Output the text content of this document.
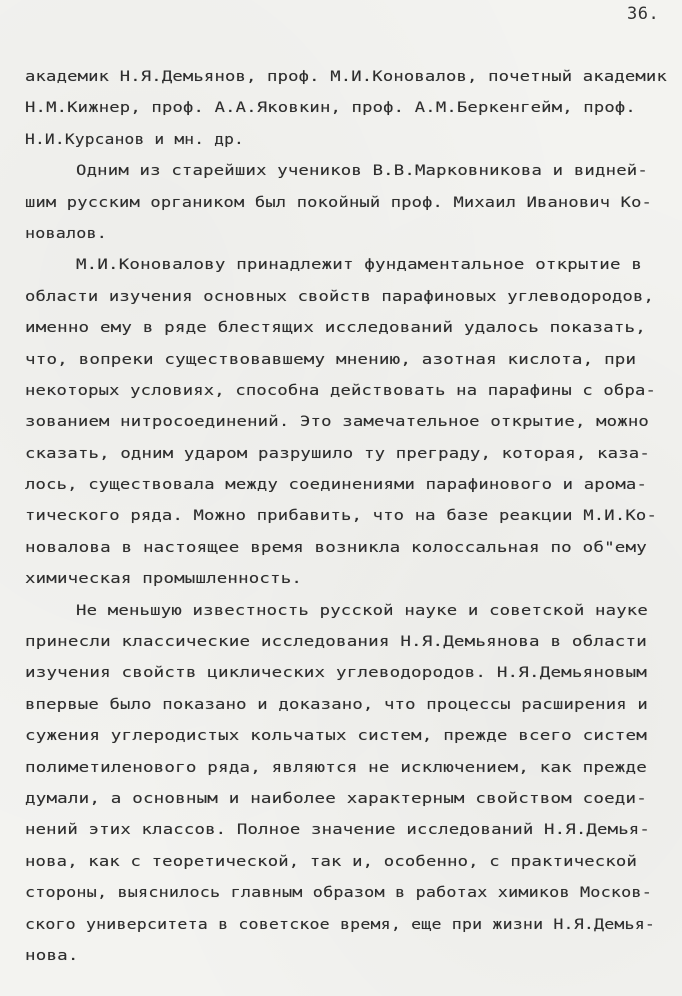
36.
академик Н.Я.Демьянов, проф. М.И.Коновалов, почетный академик
Н.М.Кижнер, проф. А.А.Яковкин, проф. А.М.Беркенгейм, проф.
Н.И.Курсанов и мн. др.
Одним из старейших учеников В.В.Марковникова и видней-
шим русским органиком был покойный проф. Михаил Иванович Ко-
новалов.
М.И.Коновалову принадлежит фундаментальное открытие в
области изучения основных свойств парафиновых углеводородов,
именно ему в ряде блестящих исследований удалось показать,
что, вопреки существовавшему мнению, азотная кислота, при
некоторых условиях, способна действовать на парафины с обра-
зованием нитросоединений. Это замечательное открытие, можно
сказать, одним ударом разрушило ту преграду, которая, каза-
лось, существовала между соединениями парафинового и арома-
тического ряда. Можно прибавить, что на базе реакции М.И.Ко-
новалова в настоящее время возникла колоссальная по об"ему
химическая промышленность.
Не меньшую известность русской науке и советской науке
принесли классические исследования Н.Я.Демьянова в области
изучения свойств циклических углеводородов. Н.Я.Демьяновым
впервые было показано и доказано, что процессы расширения и
сужения углеродистых кольчатых систем, прежде всего систем
полиметиленового ряда, являются не исключением, как прежде
думали, а основным и наиболее характерным свойством соеди-
нений этих классов. Полное значение исследований Н.Я.Демья-
нова, как с теоретической, так и, особенно, с практической
стороны, выяснилось главным образом в работах химиков Москов-
ского университета в советское время, еще при жизни Н.Я.Демья-
нова.
